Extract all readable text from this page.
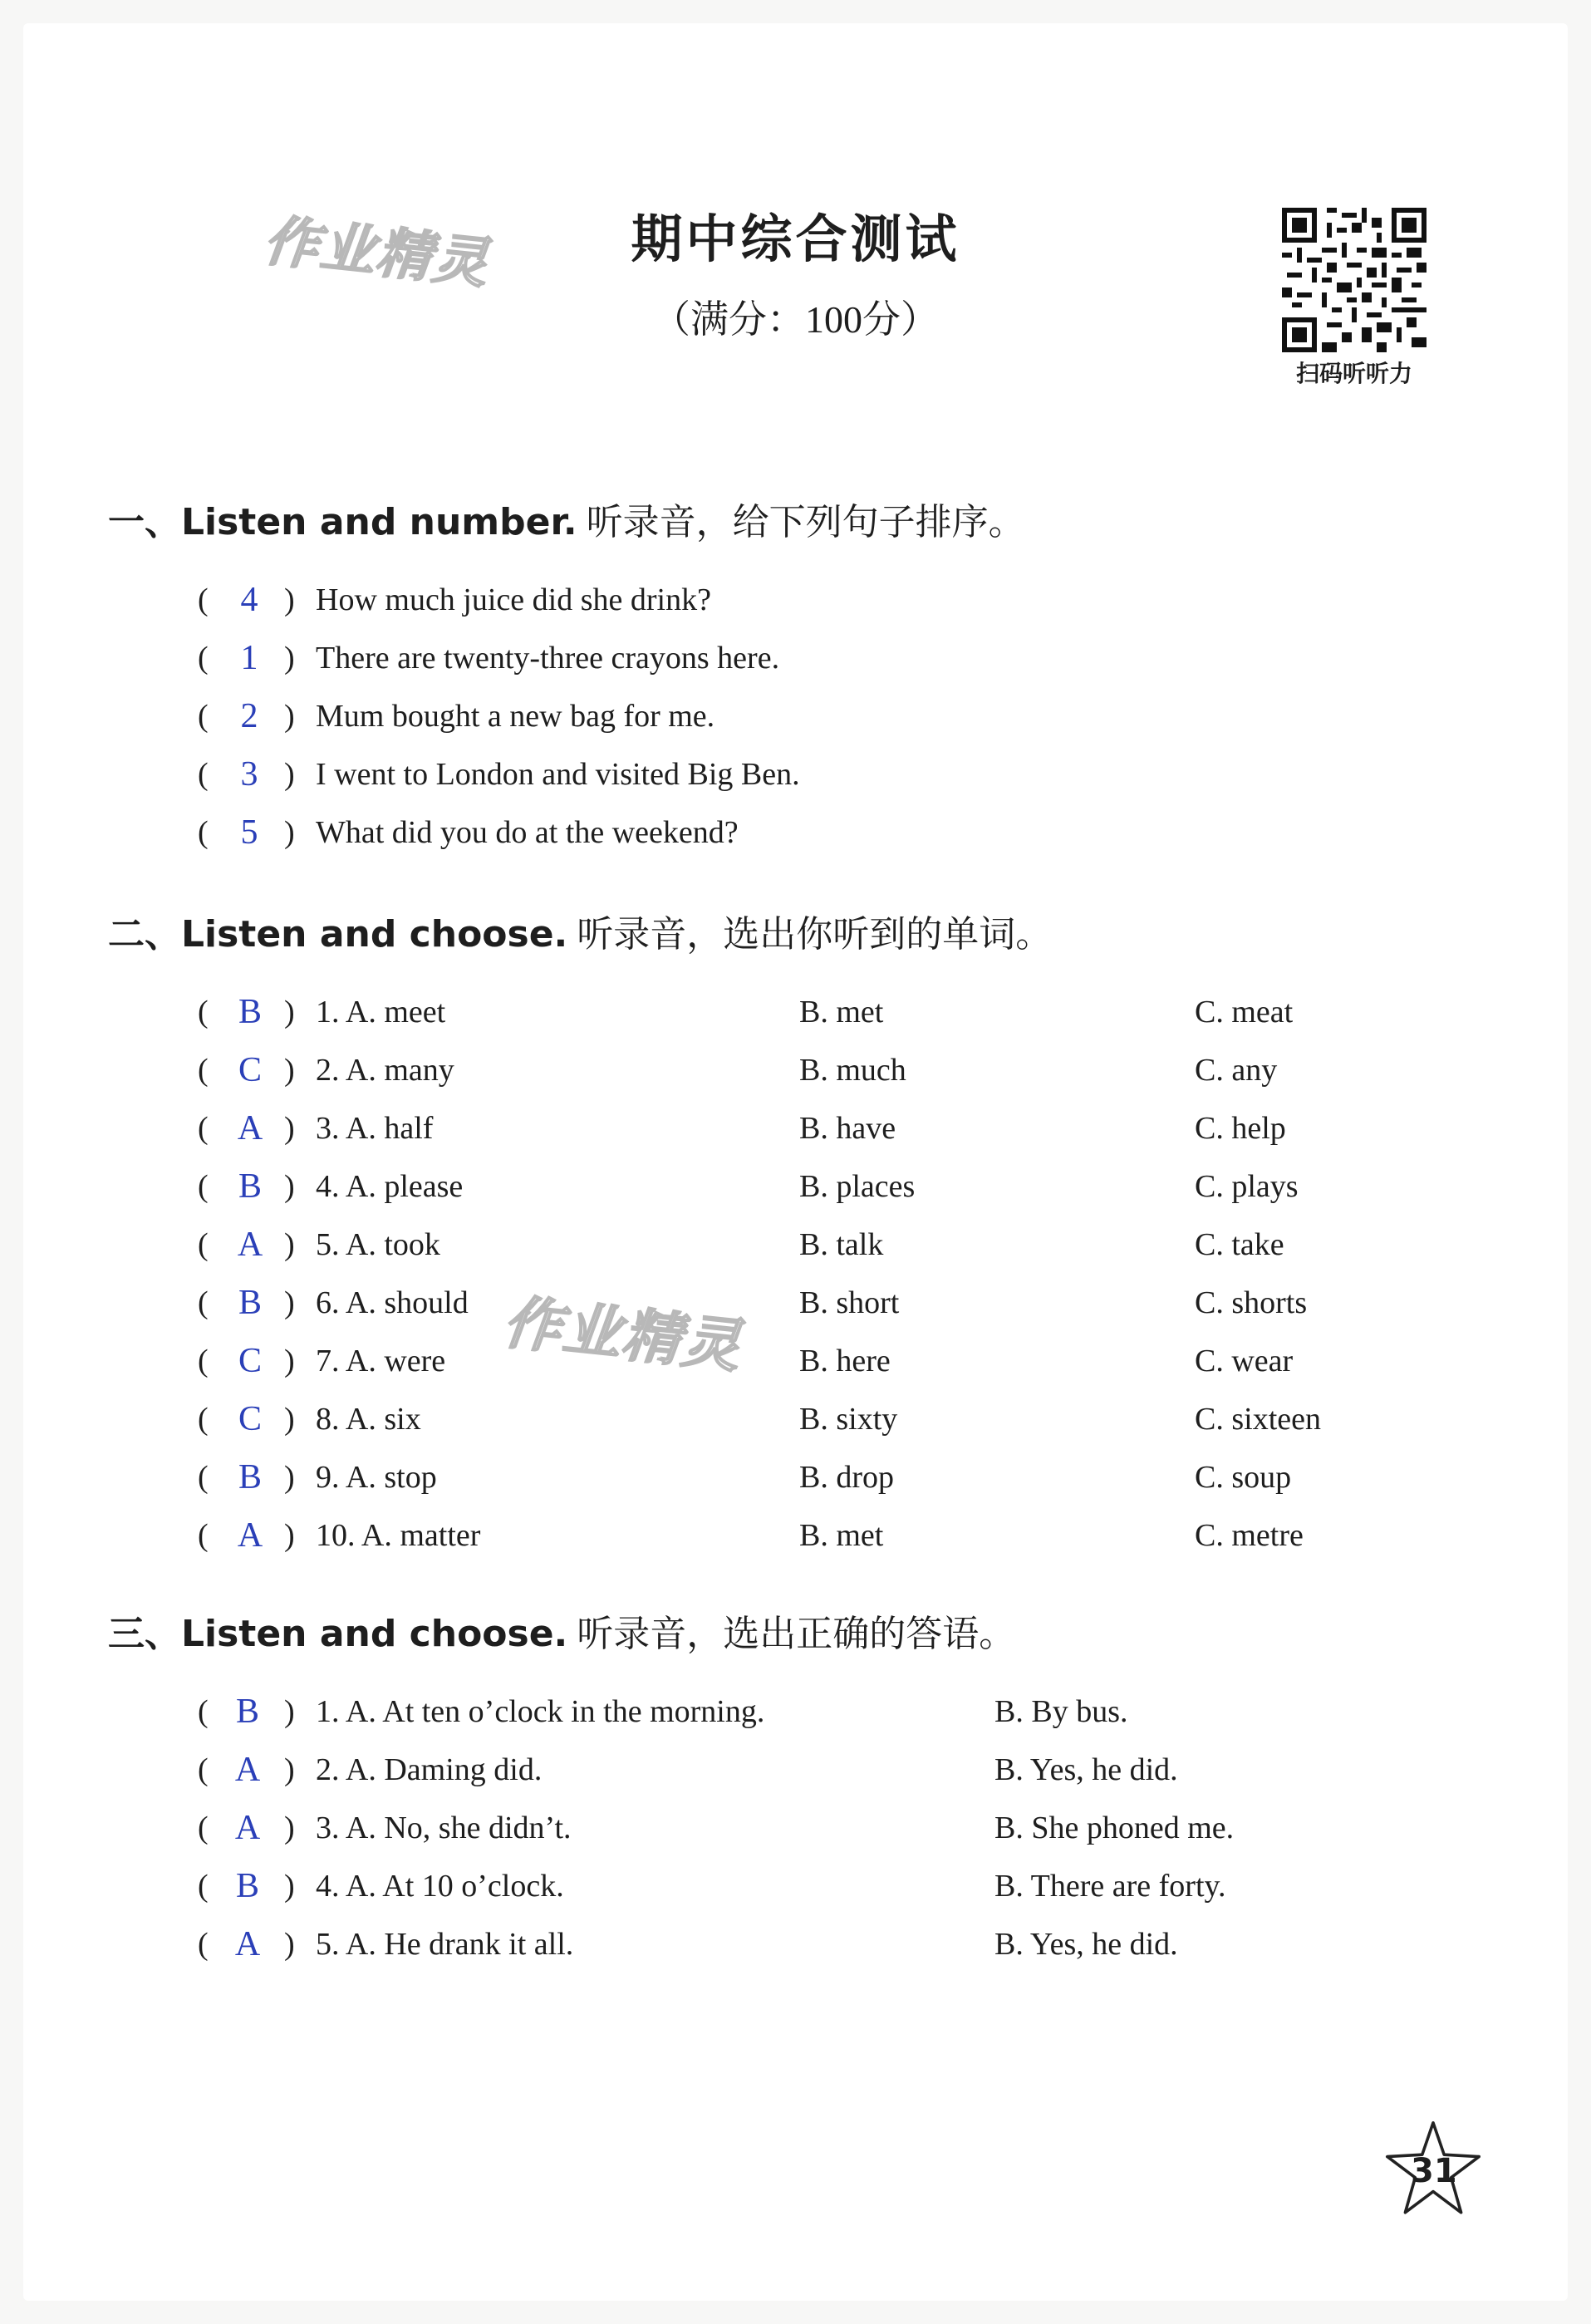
作业精灵
作业精灵
期中综合测试
（满分：100分）
扫码听听力
一、Listen and number. 听录音，给下列句子排序。
( 4 ) How much juice did she drink?
( 1 ) There are twenty-three crayons here.
( 2 ) Mum bought a new bag for me.
( 3 ) I went to London and visited Big Ben.
( 5 ) What did you do at the weekend?
二、Listen and choose. 听录音，选出你听到的单词。
( B ) 1. A. meet	B. met	C. meat
( C ) 2. A. many	B. much	C. any
( A ) 3. A. half	B. have	C. help
( B ) 4. A. please	B. places	C. plays
( A ) 5. A. took	B. talk	C. take
( B ) 6. A. should	B. short	C. shorts
( C ) 7. A. were	B. here	C. wear
( C ) 8. A. six	B. sixty	C. sixteen
( B ) 9. A. stop	B. drop	C. soup
( A ) 10. A. matter	B. met	C. metre
三、Listen and choose. 听录音，选出正确的答语。
( B ) 1. A. At ten o’clock in the morning.	B. By bus.
( A ) 2. A. Daming did.	B. Yes, he did.
( A ) 3. A. No, she didn’t.	B. She phoned me.
( B ) 4. A. At 10 o’clock.	B. There are forty.
( A ) 5. A. He drank it all.	B. Yes, he did.
31
